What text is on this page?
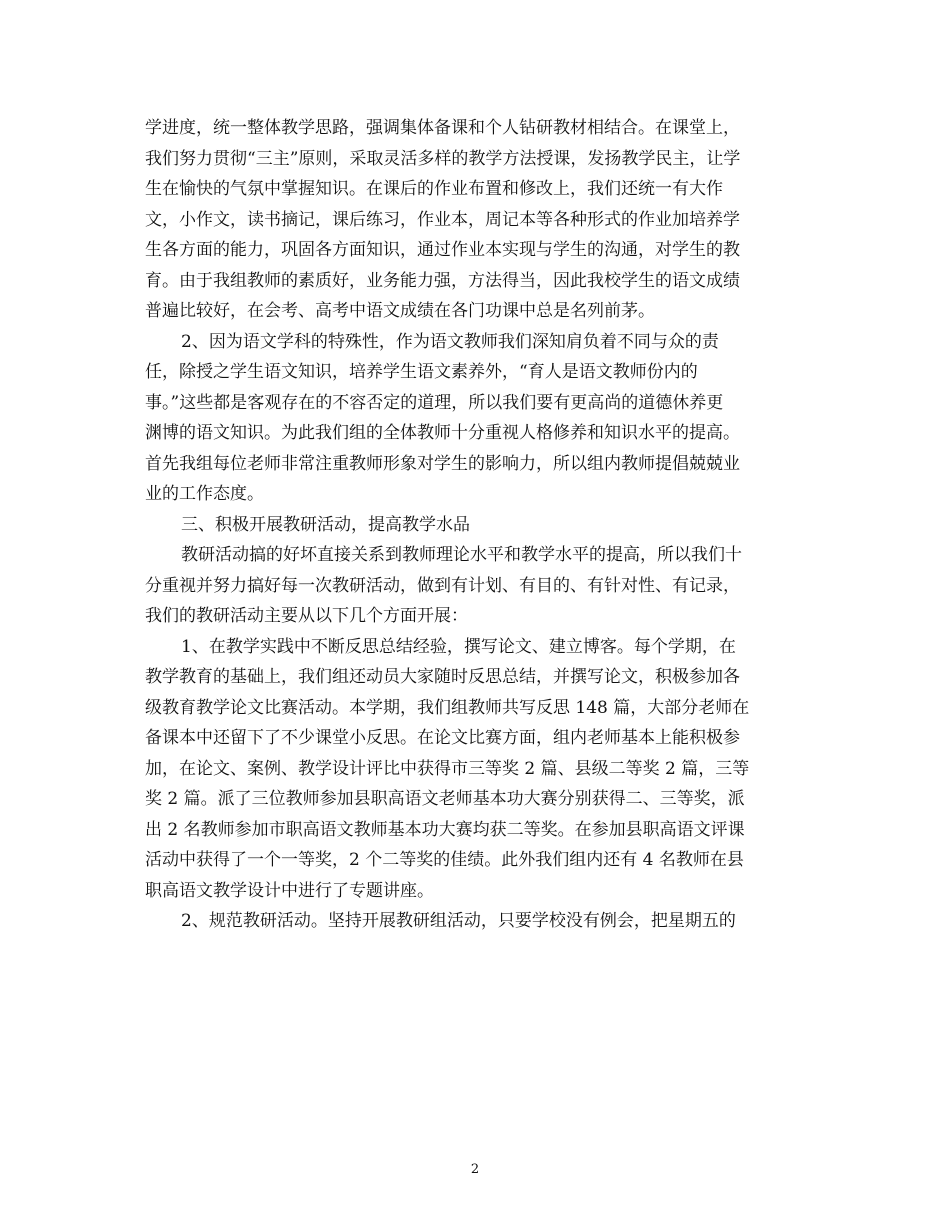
学进度，统一整体教学思路，强调集体备课和个人钻研教材相结合。在课堂上，
我们努力贯彻“三主”原则，采取灵活多样的教学方法授课，发扬教学民主，让学
生在愉快的气氛中掌握知识。在课后的作业布置和修改上，我们还统一有大作
文，小作文，读书摘记，课后练习，作业本，周记本等各种形式的作业加培养学
生各方面的能力，巩固各方面知识，通过作业本实现与学生的沟通，对学生的教
育。由于我组教师的素质好，业务能力强，方法得当，因此我校学生的语文成绩
普遍比较好，在会考、高考中语文成绩在各门功课中总是名列前茅。
2、因为语文学科的特殊性，作为语文教师我们深知肩负着不同与众的责
任，除授之学生语文知识，培养学生语文素养外，“育人是语文教师份内的
事。”这些都是客观存在的不容否定的道理，所以我们要有更高尚的道德休养更
渊博的语文知识。为此我们组的全体教师十分重视人格修养和知识水平的提高。
首先我组每位老师非常注重教师形象对学生的影响力，所以组内教师提倡兢兢业
业的工作态度。
三、积极开展教研活动，提高教学水品
教研活动搞的好坏直接关系到教师理论水平和教学水平的提高，所以我们十
分重视并努力搞好每一次教研活动，做到有计划、有目的、有针对性、有记录，
我们的教研活动主要从以下几个方面开展：
1、在教学实践中不断反思总结经验，撰写论文、建立博客。每个学期，在
教学教育的基础上，我们组还动员大家随时反思总结，并撰写论文，积极参加各
级教育教学论文比赛活动。本学期，我们组教师共写反思 148 篇，大部分老师在
备课本中还留下了不少课堂小反思。在论文比赛方面，组内老师基本上能积极参
加，在论文、案例、教学设计评比中获得市三等奖 2 篇、县级二等奖 2 篇，三等
奖 2 篇。派了三位教师参加县职高语文老师基本功大赛分别获得二、三等奖，派
出 2 名教师参加市职高语文教师基本功大赛均获二等奖。在参加县职高语文评课
活动中获得了一个一等奖，2 个二等奖的佳绩。此外我们组内还有 4 名教师在县
职高语文教学设计中进行了专题讲座。
2、规范教研活动。坚持开展教研组活动，只要学校没有例会，把星期五的
2
